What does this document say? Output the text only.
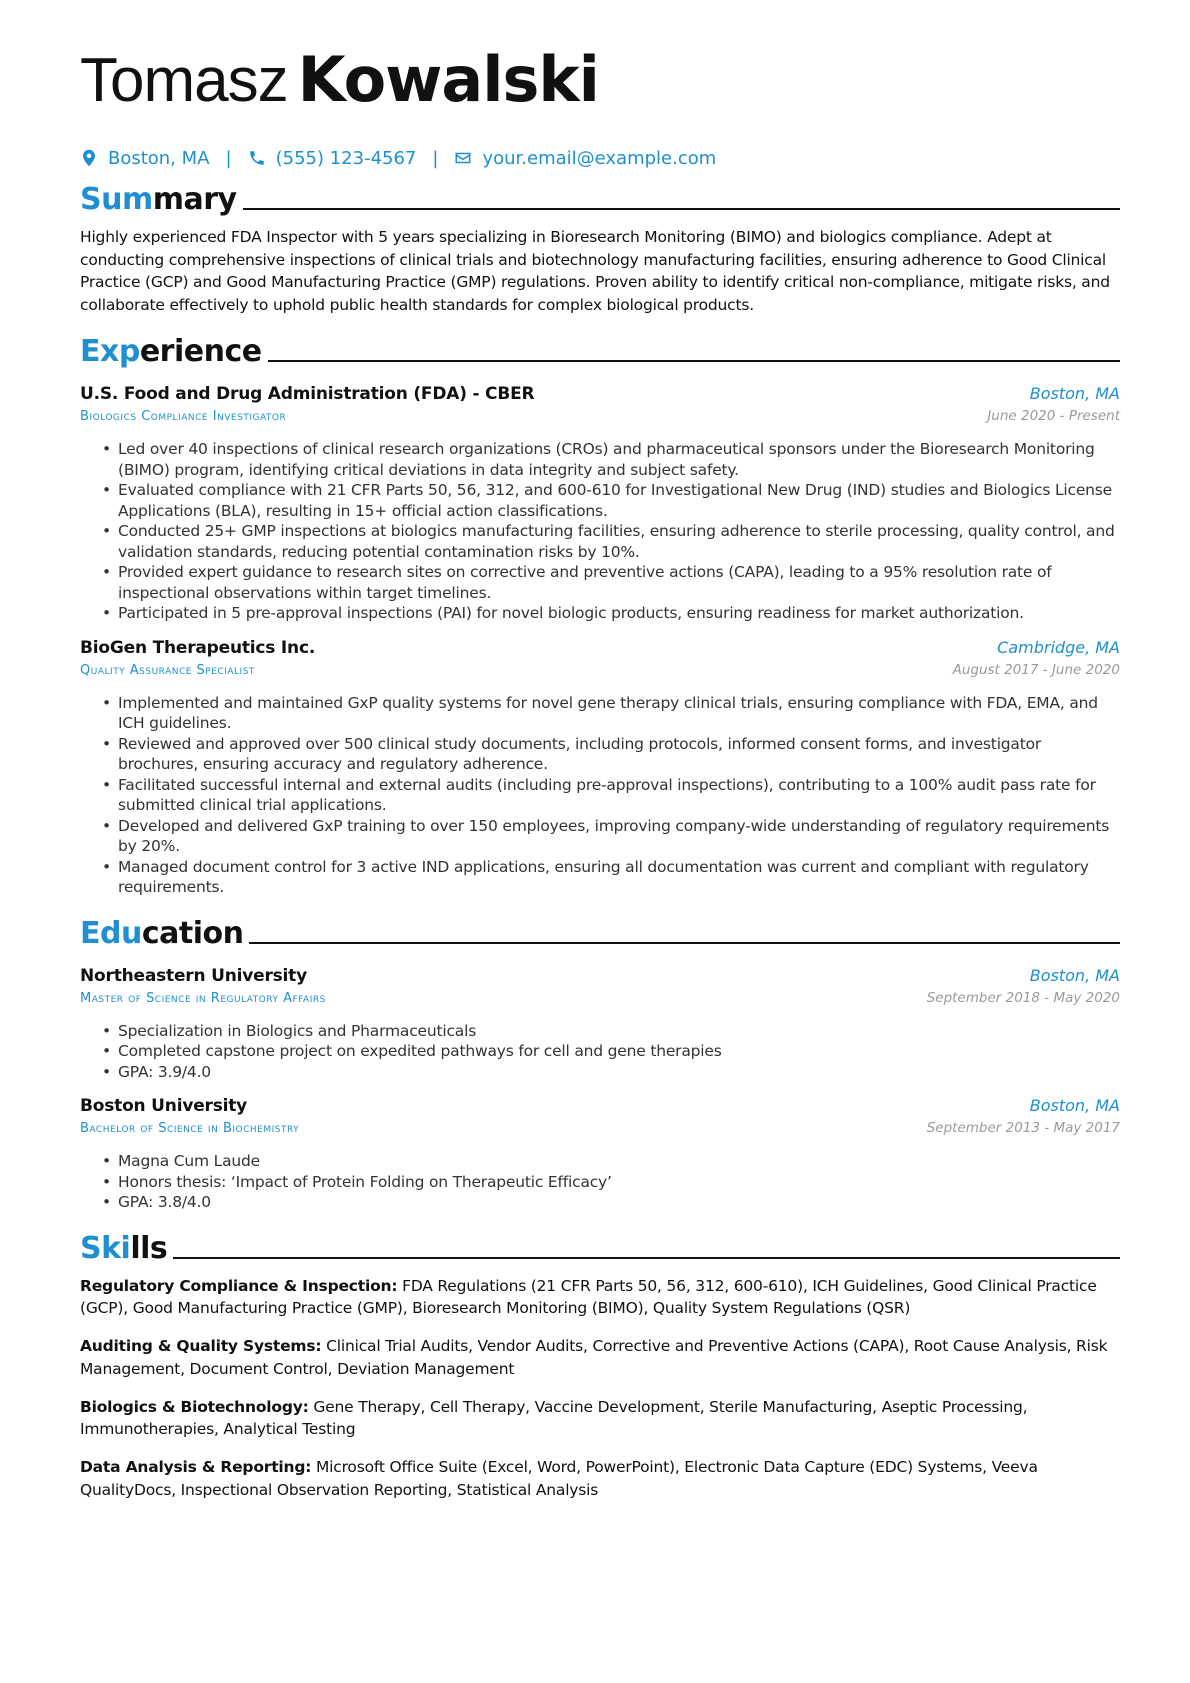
Tomasz Kowalski
Boston, MA | (555) 123-4567 | your.email@example.com
Summary

Highly experienced FDA Inspector with 5 years specializing in Bioresearch Monitoring (BIMO) and biologics compliance. Adept at conducting comprehensive inspections of clinical trials and biotechnology manufacturing facilities, ensuring adherence to Good Clinical Practice (GCP) and Good Manufacturing Practice (GMP) regulations. Proven ability to identify critical non-compliance, mitigate risks, and collaborate effectively to uphold public health standards for complex biological products.

Experience
U.S. Food and Drug Administration (FDA) - CBER	Boston, MA
Biologics Compliance Investigator	June 2020 - Present
• Led over 40 inspections of clinical research organizations (CROs) and pharmaceutical sponsors under the Bioresearch Monitoring (BIMO) program, identifying critical deviations in data integrity and subject safety.
• Evaluated compliance with 21 CFR Parts 50, 56, 312, and 600-610 for Investigational New Drug (IND) studies and Biologics License Applications (BLA), resulting in 15+ official action classifications.
• Conducted 25+ GMP inspections at biologics manufacturing facilities, ensuring adherence to sterile processing, quality control, and validation standards, reducing potential contamination risks by 10%.
• Provided expert guidance to research sites on corrective and preventive actions (CAPA), leading to a 95% resolution rate of inspectional observations within target timelines.
• Participated in 5 pre-approval inspections (PAI) for novel biologic products, ensuring readiness for market authorization.
BioGen Therapeutics Inc.	Cambridge, MA
Quality Assurance Specialist	August 2017 - June 2020
• Implemented and maintained GxP quality systems for novel gene therapy clinical trials, ensuring compliance with FDA, EMA, and ICH guidelines.
• Reviewed and approved over 500 clinical study documents, including protocols, informed consent forms, and investigator brochures, ensuring accuracy and regulatory adherence.
• Facilitated successful internal and external audits (including pre-approval inspections), contributing to a 100% audit pass rate for submitted clinical trial applications.
• Developed and delivered GxP training to over 150 employees, improving company-wide understanding of regulatory requirements by 20%.
• Managed document control for 3 active IND applications, ensuring all documentation was current and compliant with regulatory requirements.
Education
Northeastern University	Boston, MA
Master of Science in Regulatory Affairs	September 2018 - May 2020
• Specialization in Biologics and Pharmaceuticals
• Completed capstone project on expedited pathways for cell and gene therapies
• GPA: 3.9/4.0
Boston University	Boston, MA
Bachelor of Science in Biochemistry	September 2013 - May 2017
• Magna Cum Laude
• Honors thesis: ‘Impact of Protein Folding on Therapeutic Efficacy’
• GPA: 3.8/4.0
Skills

Regulatory Compliance & Inspection: FDA Regulations (21 CFR Parts 50, 56, 312, 600-610), ICH Guidelines, Good Clinical Practice (GCP), Good Manufacturing Practice (GMP), Bioresearch Monitoring (BIMO), Quality System Regulations (QSR)

Auditing & Quality Systems: Clinical Trial Audits, Vendor Audits, Corrective and Preventive Actions (CAPA), Root Cause Analysis, Risk Management, Document Control, Deviation Management

Biologics & Biotechnology: Gene Therapy, Cell Therapy, Vaccine Development, Sterile Manufacturing, Aseptic Processing, Immunotherapies, Analytical Testing

Data Analysis & Reporting: Microsoft Office Suite (Excel, Word, PowerPoint), Electronic Data Capture (EDC) Systems, Veeva QualityDocs, Inspectional Observation Reporting, Statistical Analysis
